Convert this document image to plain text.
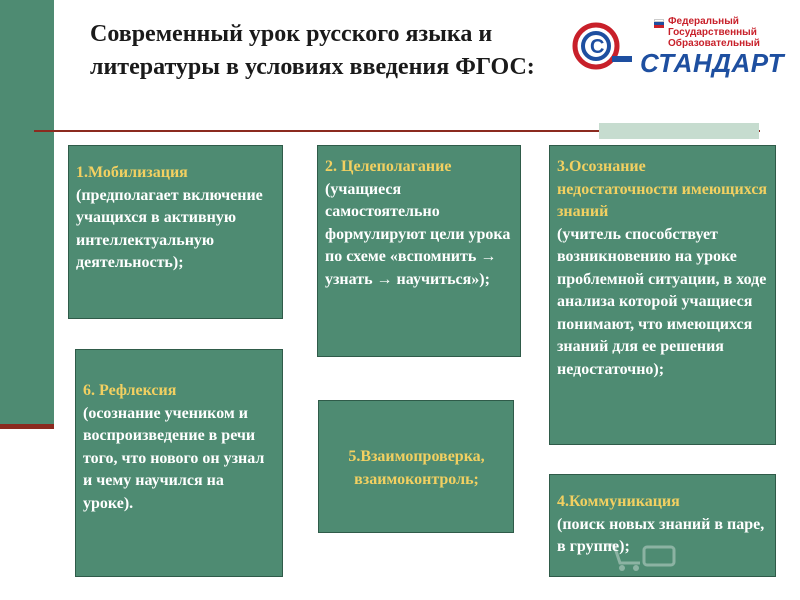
Современный урок русского языка и литературы в условиях введения ФГОС:
C
Федеральный
Государственный
Образовательный
СТАНДАРТ
1.Мобилизация
(предполагает включение учащихся в активную интеллектуальную деятельность);
2. Целеполагание
(учащиеся самостоятельно формулируют цели урока по схеме «вспомнить → узнать → научиться»);
3.Осознание недостаточности имеющихся знаний
(учитель способствует возникновению на уроке проблемной ситуации, в ходе анализа которой учащиеся понимают, что имеющихся знаний для ее решения недостаточно);
6. Рефлексия
(осознание учеником и воспроизведение в речи того, что нового он узнал и чему научился на уроке).
5.Взаимопроверка, взаимоконтроль;
4.Коммуникация
(поиск новых знаний в паре, в группе);
